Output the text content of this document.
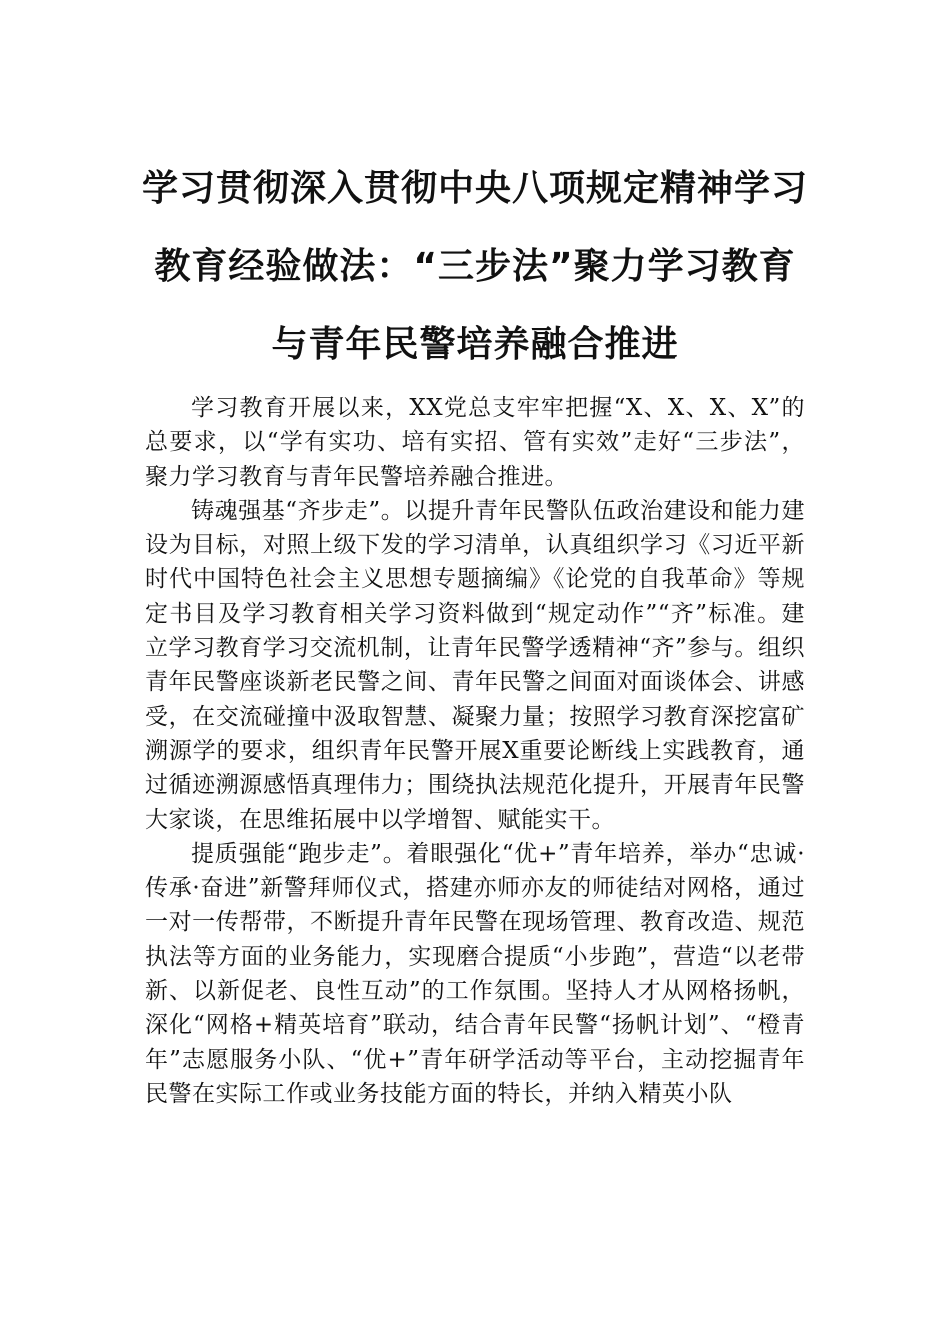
学习贯彻深入贯彻中央八项规定精神学习
教育经验做法：“三步法”聚力学习教育
与青年民警培养融合推进

学习教育开展以来，XX党总支牢牢把握“X、X、X、X”的总要求，以“学有实功、培有实招、管有实效”走好“三步法”，聚力学习教育与青年民警培养融合推进。

铸魂强基“齐步走”。以提升青年民警队伍政治建设和能力建设为目标，对照上级下发的学习清单，认真组织学习《习近平新时代中国特色社会主义思想专题摘编》《论党的自我革命》等规定书目及学习教育相关学习资料做到“规定动作”“齐”标准。建立学习教育学习交流机制，让青年民警学透精神“齐”参与。组织青年民警座谈新老民警之间、青年民警之间面对面谈体会、讲感受，在交流碰撞中汲取智慧、凝聚力量；按照学习教育深挖富矿溯源学的要求，组织青年民警开展X重要论断线上实践教育，通过循迹溯源感悟真理伟力；围绕执法规范化提升，开展青年民警大家谈，在思维拓展中以学增智、赋能实干。

提质强能“跑步走”。着眼强化“优+”青年培养，举办“忠诚·传承·奋进”新警拜师仪式，搭建亦师亦友的师徒结对网格，通过一对一传帮带，不断提升青年民警在现场管理、教育改造、规范执法等方面的业务能力，实现磨合提质“小步跑”，营造“以老带新、以新促老、良性互动”的工作氛围。坚持人才从网格扬帆，深化“网格+精英培育”联动，结合青年民警“扬帆计划”、“橙青年”志愿服务小队、“优+”青年研学活动等平台，主动挖掘青年民警在实际工作或业务技能方面的特长，并纳入精英小队
